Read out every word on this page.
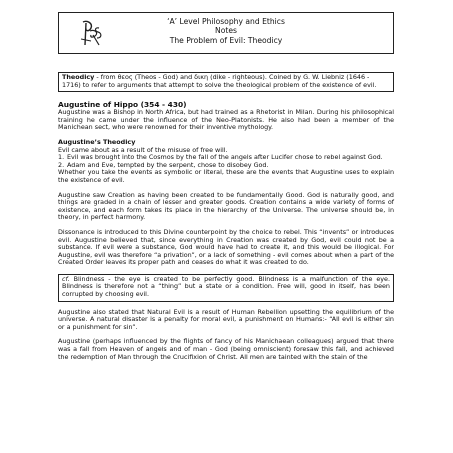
‘A’ Level Philosophy and Ethics
Notes
The Problem of Evil: Theodicy
Theodicy - from θεος (Theos - God) and δικη (dike - righteous). Coined by G. W. Liebniz (1646 - 1716) to refer to arguments that attempt to solve the theological problem of the existence of evil.
Augustine of Hippo (354 - 430)

Augustine was a Bishop in North Africa, but had trained as a Rhetorist in Milan. During his philosophical training he came under the influence of the Neo-Platonists. He also had been a member of the Manichean sect, who were renowned for their inventive mythology.

Augustine’s Theodicy
Evil came about as a result of the misuse of free will.
1. Evil was brought into the Cosmos by the fall of the angels after Lucifer chose to rebel against God.
2. Adam and Eve, tempted by the serpent, chose to disobey God.

Whether you take the events as symbolic or literal, these are the events that Augustine uses to explain the existence of evil.

Augustine saw Creation as having been created to be fundamentally Good. God is naturally good, and things are graded in a chain of lesser and greater goods. Creation contains a wide variety of forms of existence, and each form takes its place in the hierarchy of the Universe. The universe should be, in theory, in perfect harmony.

Dissonance is introduced to this Divine counterpoint by the choice to rebel. This “invents” or introduces evil. Augustine believed that, since everything in Creation was created by God, evil could not be a substance. If evil were a substance, God would have had to create it, and this would be illogical. For Augustine, evil was therefore “a privation”, or a lack of something - evil comes about when a part of the Created Order leaves its proper path and ceases do what it was created to do.

cf. Blindness - the eye is created to be perfectly good. Blindness is a malfunction of the eye. Blindness is therefore not a “thing” but a state or a condition. Free will, good in itself, has been corrupted by choosing evil.

Augustine also stated that Natural Evil is a result of Human Rebellion upsetting the equilibrium of the universe. A natural disaster is a penalty for moral evil, a punishment on Humans:- “All evil is either sin or a punishment for sin”.

Augustine (perhaps influenced by the flights of fancy of his Manichaean colleagues) argued that there was a fall from Heaven of angels and of man - God (being omniscient) foresaw this fall, and achieved the redemption of Man through the Crucifixion of Christ. All men are tainted with the stain of the
